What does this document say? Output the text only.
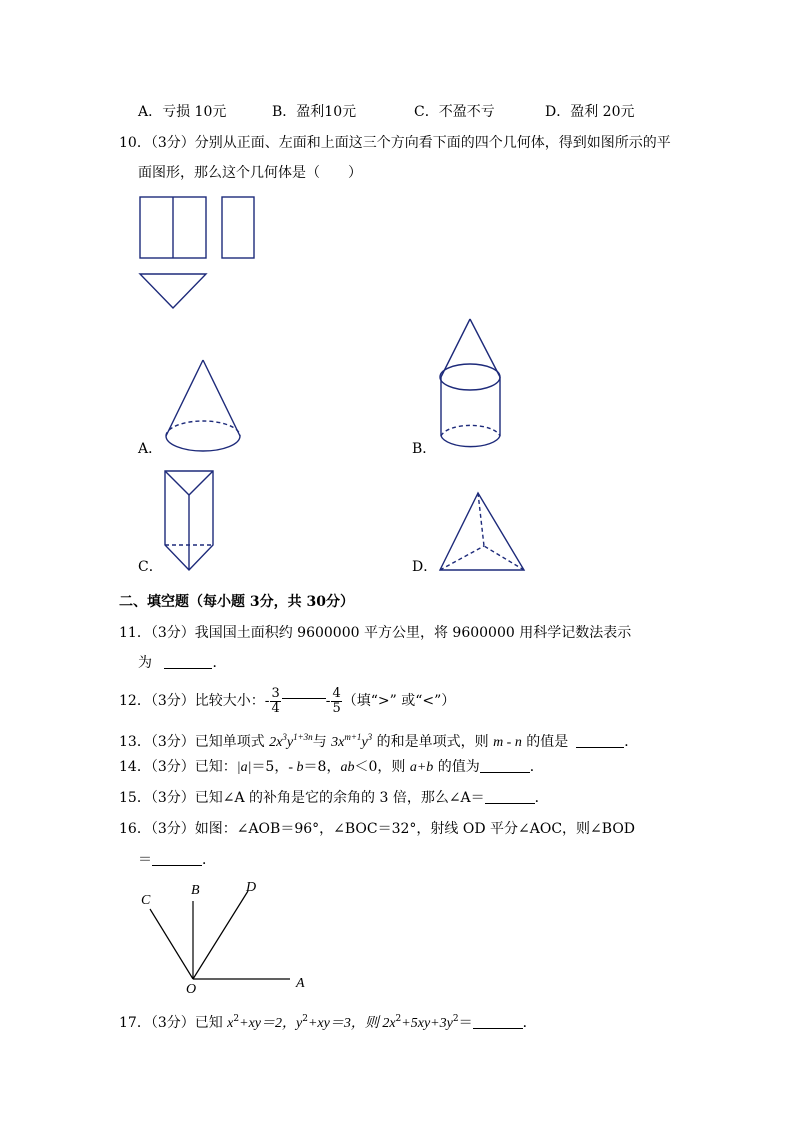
A．亏损 10元	B．盈利10元	C．不盈不亏	D．盈利 20元
10．（3分）分别从正面、左面和上面这三个方向看下面的四个几何体，得到如图所示的平
面图形，那么这个几何体是（　　）
A．	B．
C．	D．
二、填空题（每小题 3分，共 30分）
11．（3分）我国国土面积约 9600000 平方公里，将 9600000 用科学记数法表示
为	．
12．（3分）比较大小：- $\frac{3}{4}$	- $\frac{4}{5}$ （填“>” 或“<”）
13．（3分）已知单项式 $2x^3y^{1+3n}$与 $3x^{m+1}y^3$ 的和是单项式，则 m - n 的值是	．
14．（3分）已知：|a|＝5，- b＝8，ab＜0，则 a+b 的值为	．
15．（3分）已知∠A 的补角是它的余角的 3 倍，那么∠A＝	．
16．（3分）如图：∠AOB＝96°，∠BOC＝32°，射线 OD 平分∠AOC，则∠BOD
＝	．
C
B	D
O	A
17．（3分）已知 $x^2+xy=2$，$y^2+xy=3$，则 $2x^2+5xy+3y^2=$	．
